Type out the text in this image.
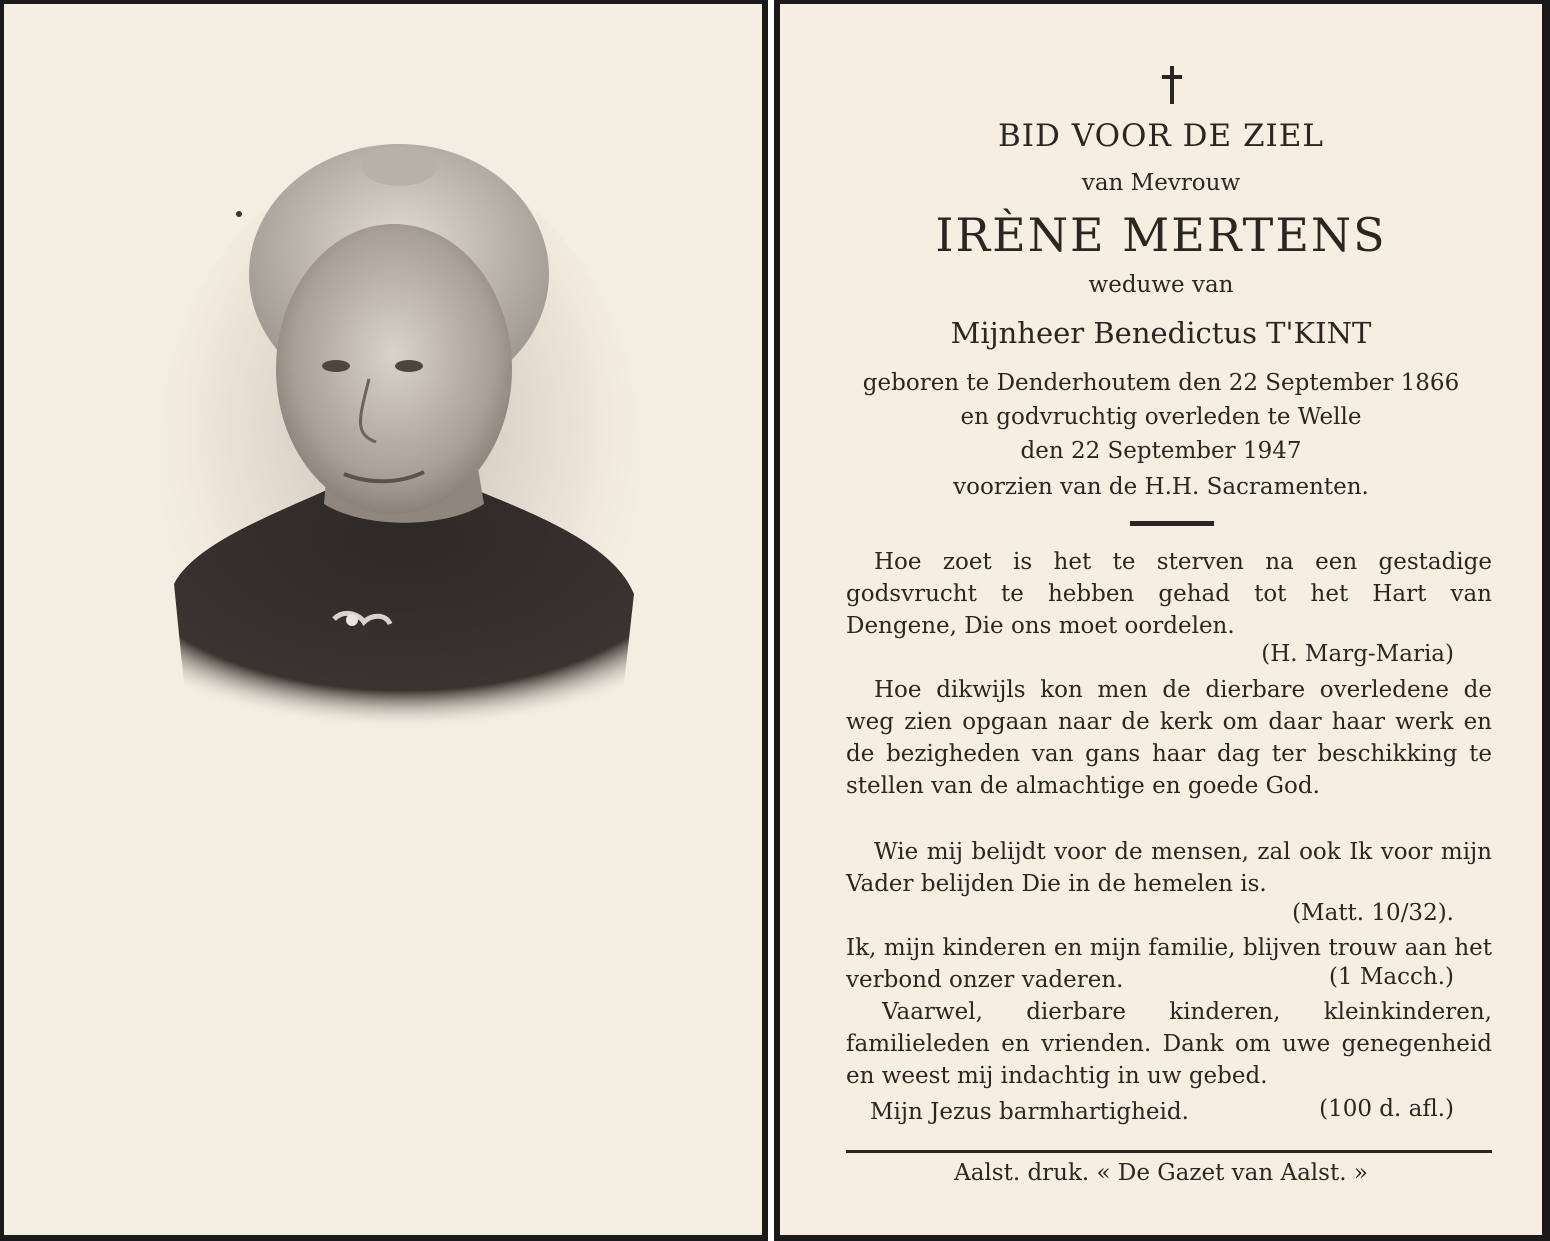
BID VOOR DE ZIEL
van Mevrouw
IRÈNE MERTENS
weduwe van
Mijnheer Benedictus T'KINT
geboren te Denderhoutem den 22 September 1866
en godvruchtig overleden te Welle
den 22 September 1947
voorzien van de H.H. Sacramenten.
Hoe zoet is het te sterven na een gestadige godsvrucht te hebben gehad tot het Hart van Dengene, Die ons moet oordelen.
(H. Marg-Maria)
Hoe dikwijls kon men de dierbare overledene de weg zien opgaan naar de kerk om daar haar werk en de bezigheden van gans haar dag ter beschikking te stellen van de almachtige en goede God.
Wie mij belijdt voor de mensen, zal ook Ik voor mijn Vader belijden Die in de hemelen is.
(Matt. 10/32).
Ik, mijn kinderen en mijn familie, blijven trouw aan het verbond onzer vaderen.	(1 Macch.)
Vaarwel, dierbare kinderen, kleinkinderen, familieleden en vrienden. Dank om uwe genegenheid en weest mij indachtig in uw gebed.
Mijn Jezus barmhartigheid.	(100 d. afl.)
Aalst. druk. « De Gazet van Aalst. »
